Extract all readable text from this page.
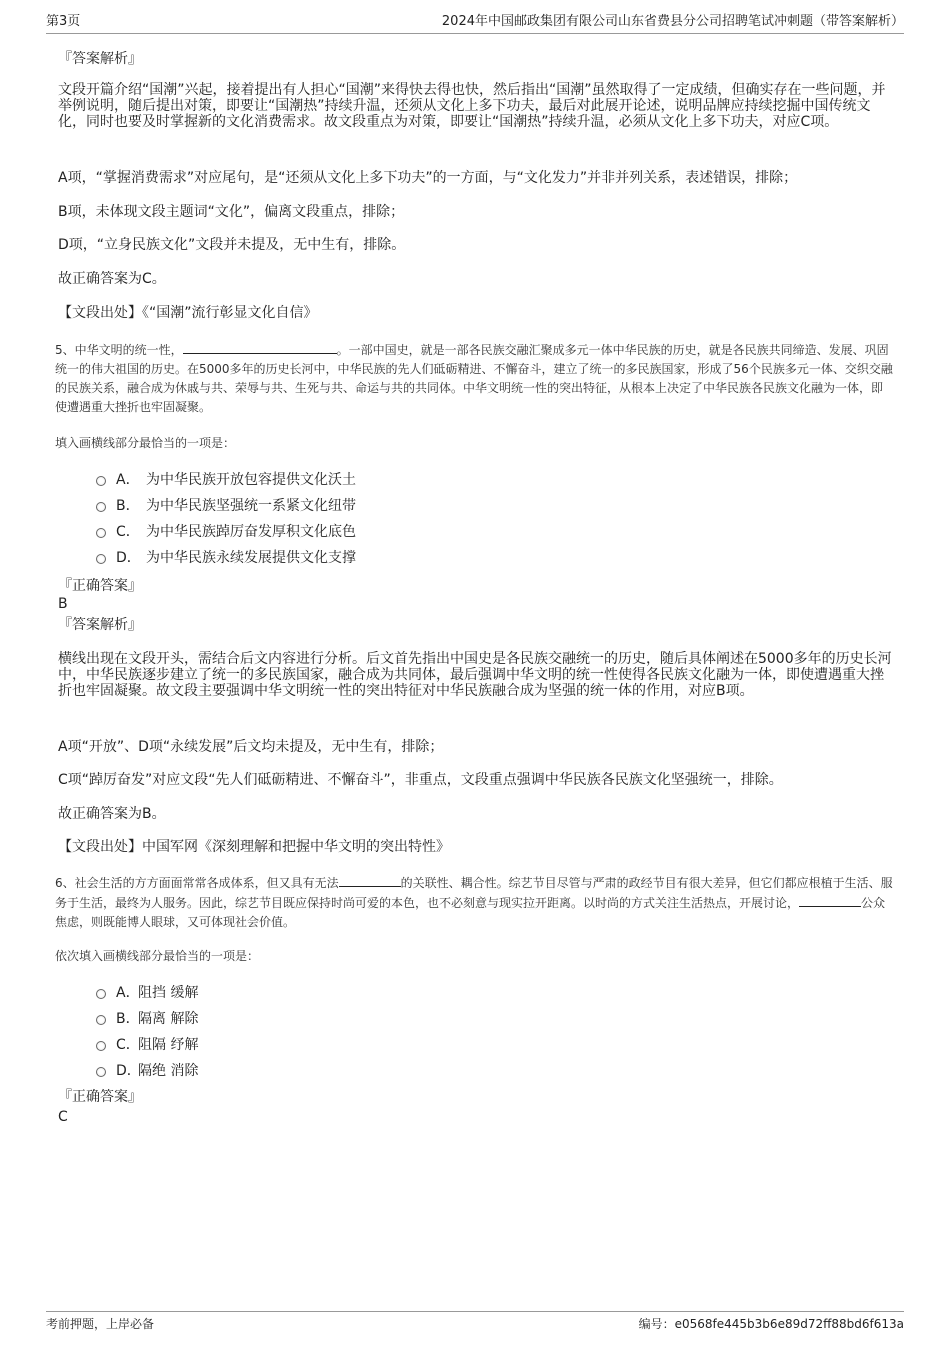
第3页	2024年中国邮政集团有限公司山东省费县分公司招聘笔试冲刺题（带答案解析）
『答案解析』
文段开篇介绍“国潮”兴起，接着提出有人担心“国潮”来得快去得也快，然后指出“国潮”虽然取得了一定成绩，但确实存在一些问题，并举例说明，随后提出对策，即要让“国潮热”持续升温，还须从文化上多下功夫，最后对此展开论述，说明品牌应持续挖掘中国传统文化，同时也要及时掌握新的文化消费需求。故文段重点为对策，即要让“国潮热”持续升温，必须从文化上多下功夫，对应C项。
A项，“掌握消费需求”对应尾句，是“还须从文化上多下功夫”的一方面，与“文化发力”并非并列关系，表述错误，排除；
B项，未体现文段主题词“文化”，偏离文段重点，排除；
D项，“立身民族文化”文段并未提及，无中生有，排除。
故正确答案为C。
【文段出处】《“国潮”流行彰显文化自信》
5、中华文明的统一性，	。一部中国史，就是一部各民族交融汇聚成多元一体中华民族的历史，就是各民族共同缔造、发展、巩固统一的伟大祖国的历史。在5000多年的历史长河中，中华民族的先人们砥砺精进、不懈奋斗，建立了统一的多民族国家，形成了56个民族多元一体、交织交融的民族关系，融合成为休戚与共、荣辱与共、生死与共、命运与共的共同体。中华文明统一性的突出特征，从根本上决定了中华民族各民族文化融为一体，即使遭遇重大挫折也牢固凝聚。
填入画横线部分最恰当的一项是：
A． 为中华民族开放包容提供文化沃土
B． 为中华民族坚强统一系紧文化纽带
C． 为中华民族踔厉奋发厚积文化底色
D． 为中华民族永续发展提供文化支撑
『正确答案』
B
『答案解析』
横线出现在文段开头，需结合后文内容进行分析。后文首先指出中国史是各民族交融统一的历史，随后具体阐述在5000多年的历史长河中，中华民族逐步建立了统一的多民族国家，融合成为共同体，最后强调中华文明的统一性使得各民族文化融为一体，即使遭遇重大挫折也牢固凝聚。故文段主要强调中华文明统一性的突出特征对中华民族融合成为坚强的统一体的作用，对应B项。
A项“开放”、D项“永续发展”后文均未提及，无中生有，排除；
C项“踔厉奋发”对应文段“先人们砥砺精进、不懈奋斗”，非重点，文段重点强调中华民族各民族文化坚强统一，排除。
故正确答案为B。
【文段出处】中国军网《深刻理解和把握中华文明的突出特性》
6、社会生活的方方面面常常各成体系，但又具有无法	的关联性、耦合性。综艺节目尽管与严肃的政经节目有很大差异，但它们都应根植于生活、服务于生活，最终为人服务。因此，综艺节目既应保持时尚可爱的本色，也不必刻意与现实拉开距离。以时尚的方式关注生活热点，开展讨论，	公众焦虑，则既能博人眼球，又可体现社会价值。
依次填入画横线部分最恰当的一项是：
A．阻挡 缓解
B．隔离 解除
C．阻隔 纾解
D．隔绝 消除
『正确答案』
C
考前押题，上岸必备	编号：e0568fe445b3b6e89d72ff88bd6f613a
